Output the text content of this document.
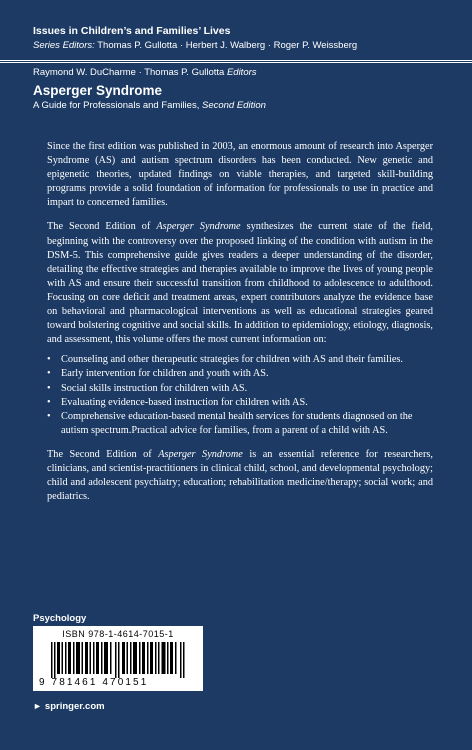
Issues in Children’s and Families’ Lives
Series Editors: Thomas P. Gullotta · Herbert J. Walberg · Roger P. Weissberg
Raymond W. DuCharme · Thomas P. Gullotta Editors
Asperger Syndrome
A Guide for Professionals and Families, Second Edition

Since the first edition was published in 2003, an enormous amount of research into Asperger Syndrome (AS) and autism spectrum disorders has been conducted. New genetic and epigenetic theories, updated findings on viable therapies, and targeted skill-building programs provide a solid foundation of information for professionals to use in practice and impart to concerned families.

The Second Edition of Asperger Syndrome synthesizes the current state of the field, beginning with the controversy over the proposed linking of the condition with autism in the DSM-5. This comprehensive guide gives readers a deeper understanding of the disorder, detailing the effective strategies and therapies available to improve the lives of young people with AS and ensure their successful transition from childhood to adolescence to adulthood. Focusing on core deficit and treatment areas, expert contributors analyze the evidence base on behavioral and pharmacological interventions as well as educational strategies geared toward bolstering cognitive and social skills. In addition to epidemiology, etiology, diagnosis, and assessment, this volume offers the most current information on:

• Counseling and other therapeutic strategies for children with AS and their families.
• Early intervention for children and youth with AS.
• Social skills instruction for children with AS.
• Evaluating evidence-based instruction for children with AS.
• Comprehensive education-based mental health services for students diagnosed on the autism spectrum.Practical advice for families, from a parent of a child with AS.

The Second Edition of Asperger Syndrome is an essential reference for researchers, clinicians, and scientist-practitioners in clinical child, school, and developmental psychology; child and adolescent psychiatry; education; rehabilitation medicine/therapy; social work; and pediatrics.

Psychology
ISBN 978-1-4614-7015-1
9 781461 470151
► springer.com
